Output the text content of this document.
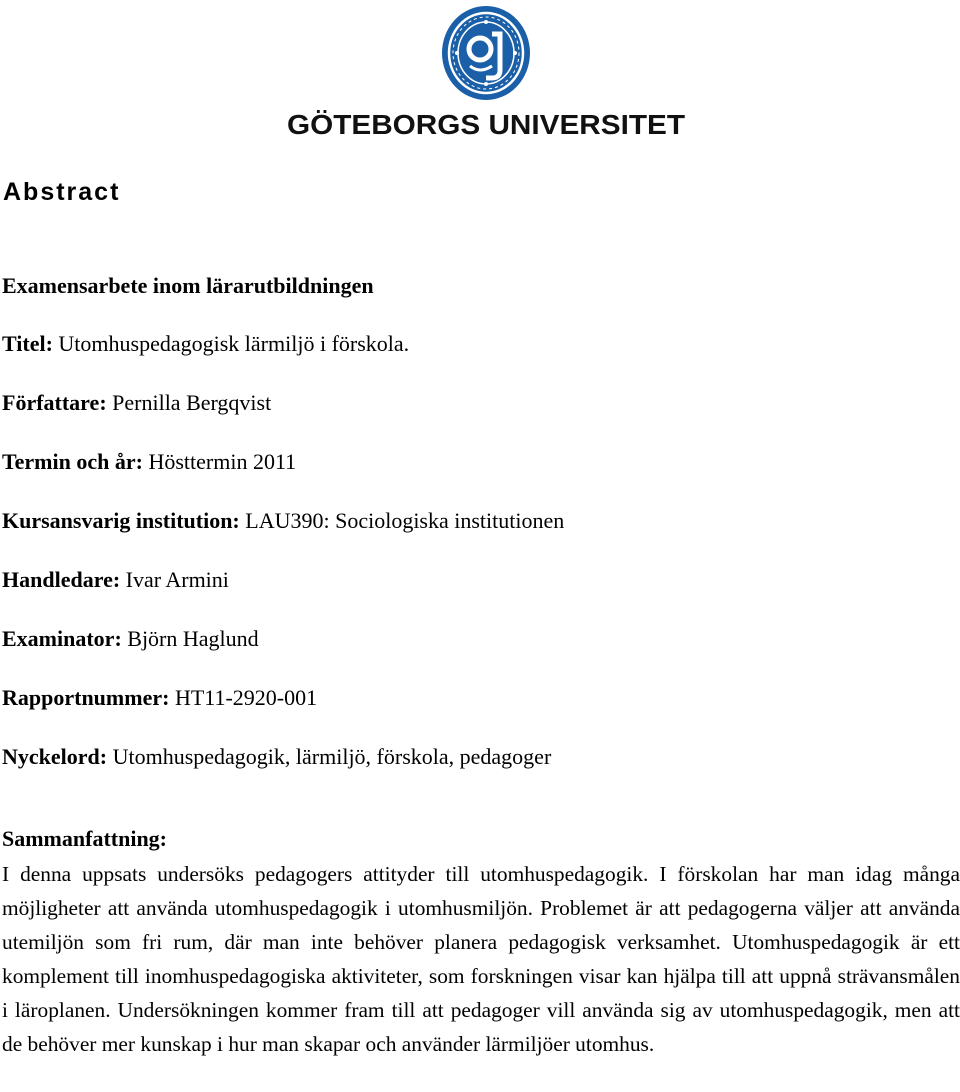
GÖTEBORGS UNIVERSITET
Abstract
Examensarbete inom lärarutbildningen
Titel: Utomhuspedagogisk lärmiljö i förskola.
Författare: Pernilla Bergqvist
Termin och år: Hösttermin 2011
Kursansvarig institution: LAU390: Sociologiska institutionen
Handledare: Ivar Armini
Examinator: Björn Haglund
Rapportnummer: HT11-2920-001
Nyckelord: Utomhuspedagogik, lärmiljö, förskola, pedagoger
Sammanfattning:

I denna uppsats undersöks pedagogers attityder till utomhuspedagogik. I förskolan har man idag många möjligheter att använda utomhuspedagogik i utomhusmiljön. Problemet är att pedagogerna väljer att använda utemiljön som fri rum, där man inte behöver planera pedagogisk verksamhet. Utomhuspedagogik är ett komplement till inomhuspedagogiska aktiviteter, som forskningen visar kan hjälpa till att uppnå strävansmålen i läroplanen. Undersökningen kommer fram till att pedagoger vill använda sig av utomhuspedagogik, men att de behöver mer kunskap i hur man skapar och använder lärmiljöer utomhus.
